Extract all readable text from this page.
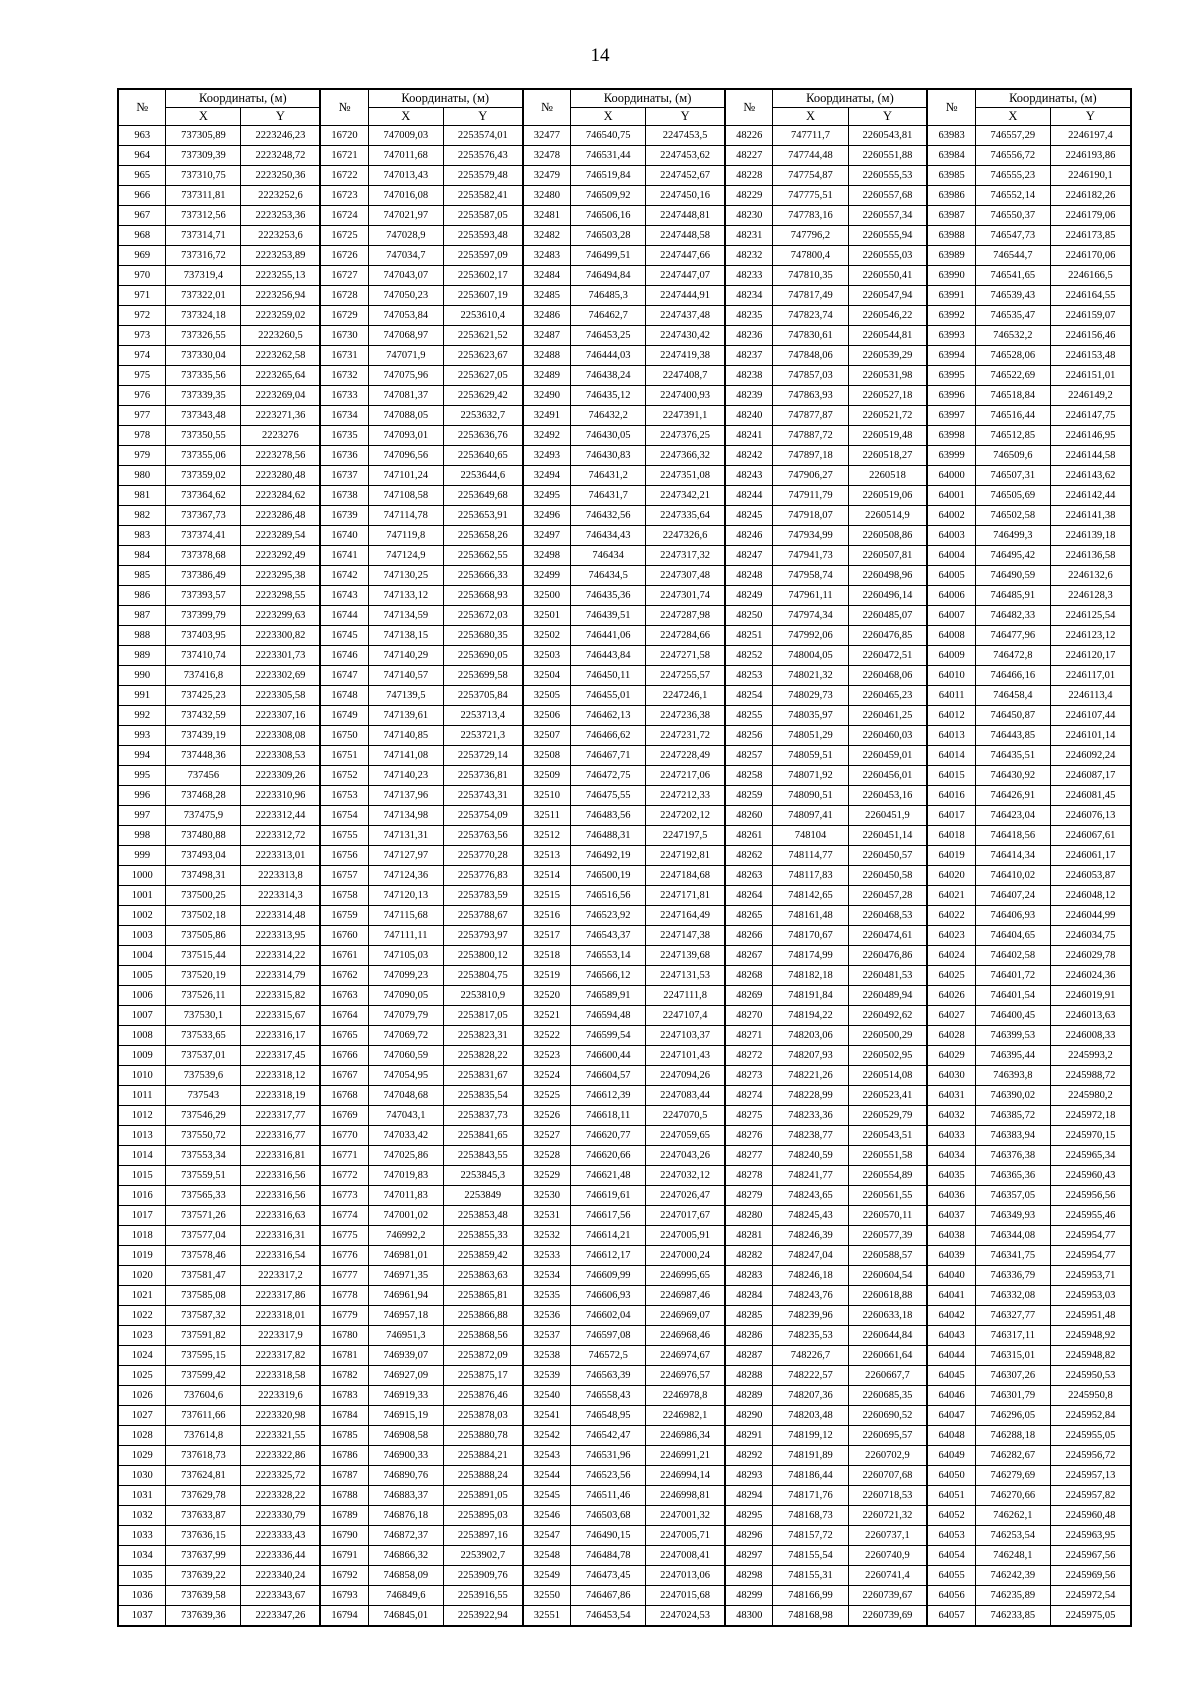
14
№	Координаты, (м)		№	Координаты, (м)		№	Координаты, (м)		№	Координаты, (м)		№	Координаты, (м)	
	X	Y		X	Y		X	Y		X	Y		X	Y
963	737305,89	2223246,23	16720	747009,03	2253574,01	32477	746540,75	2247453,5	48226	747711,7	2260543,81	63983	746557,29	2246197,4
964	737309,39	2223248,72	16721	747011,68	2253576,43	32478	746531,44	2247453,62	48227	747744,48	2260551,88	63984	746556,72	2246193,86
965	737310,75	2223250,36	16722	747013,43	2253579,48	32479	746519,84	2247452,67	48228	747754,87	2260555,53	63985	746555,23	2246190,1
966	737311,81	2223252,6	16723	747016,08	2253582,41	32480	746509,92	2247450,16	48229	747775,51	2260557,68	63986	746552,14	2246182,26
967	737312,56	2223253,36	16724	747021,97	2253587,05	32481	746506,16	2247448,81	48230	747783,16	2260557,34	63987	746550,37	2246179,06
968	737314,71	2223253,6	16725	747028,9	2253593,48	32482	746503,28	2247448,58	48231	747796,2	2260555,94	63988	746547,73	2246173,85
969	737316,72	2223253,89	16726	747034,7	2253597,09	32483	746499,51	2247447,66	48232	747800,4	2260555,03	63989	746544,7	2246170,06
970	737319,4	2223255,13	16727	747043,07	2253602,17	32484	746494,84	2247447,07	48233	747810,35	2260550,41	63990	746541,65	2246166,5
971	737322,01	2223256,94	16728	747050,23	2253607,19	32485	746485,3	2247444,91	48234	747817,49	2260547,94	63991	746539,43	2246164,55
972	737324,18	2223259,02	16729	747053,84	2253610,4	32486	746462,7	2247437,48	48235	747823,74	2260546,22	63992	746535,47	2246159,07
973	737326,55	2223260,5	16730	747068,97	2253621,52	32487	746453,25	2247430,42	48236	747830,61	2260544,81	63993	746532,2	2246156,46
974	737330,04	2223262,58	16731	747071,9	2253623,67	32488	746444,03	2247419,38	48237	747848,06	2260539,29	63994	746528,06	2246153,48
975	737335,56	2223265,64	16732	747075,96	2253627,05	32489	746438,24	2247408,7	48238	747857,03	2260531,98	63995	746522,69	2246151,01
976	737339,35	2223269,04	16733	747081,37	2253629,42	32490	746435,12	2247400,93	48239	747863,93	2260527,18	63996	746518,84	2246149,2
977	737343,48	2223271,36	16734	747088,05	2253632,7	32491	746432,2	2247391,1	48240	747877,87	2260521,72	63997	746516,44	2246147,75
978	737350,55	2223276	16735	747093,01	2253636,76	32492	746430,05	2247376,25	48241	747887,72	2260519,48	63998	746512,85	2246146,95
979	737355,06	2223278,56	16736	747096,56	2253640,65	32493	746430,83	2247366,32	48242	747897,18	2260518,27	63999	746509,6	2246144,58
980	737359,02	2223280,48	16737	747101,24	2253644,6	32494	746431,2	2247351,08	48243	747906,27	2260518	64000	746507,31	2246143,62
981	737364,62	2223284,62	16738	747108,58	2253649,68	32495	746431,7	2247342,21	48244	747911,79	2260519,06	64001	746505,69	2246142,44
982	737367,73	2223286,48	16739	747114,78	2253653,91	32496	746432,56	2247335,64	48245	747918,07	2260514,9	64002	746502,58	2246141,38
983	737374,41	2223289,54	16740	747119,8	2253658,26	32497	746434,43	2247326,6	48246	747934,99	2260508,86	64003	746499,3	2246139,18
984	737378,68	2223292,49	16741	747124,9	2253662,55	32498	746434	2247317,32	48247	747941,73	2260507,81	64004	746495,42	2246136,58
985	737386,49	2223295,38	16742	747130,25	2253666,33	32499	746434,5	2247307,48	48248	747958,74	2260498,96	64005	746490,59	2246132,6
986	737393,57	2223298,55	16743	747133,12	2253668,93	32500	746435,36	2247301,74	48249	747961,11	2260496,14	64006	746485,91	2246128,3
987	737399,79	2223299,63	16744	747134,59	2253672,03	32501	746439,51	2247287,98	48250	747974,34	2260485,07	64007	746482,33	2246125,54
988	737403,95	2223300,82	16745	747138,15	2253680,35	32502	746441,06	2247284,66	48251	747992,06	2260476,85	64008	746477,96	2246123,12
989	737410,74	2223301,73	16746	747140,29	2253690,05	32503	746443,84	2247271,58	48252	748004,05	2260472,51	64009	746472,8	2246120,17
990	737416,8	2223302,69	16747	747140,57	2253699,58	32504	746450,11	2247255,57	48253	748021,32	2260468,06	64010	746466,16	2246117,01
991	737425,23	2223305,58	16748	747139,5	2253705,84	32505	746455,01	2247246,1	48254	748029,73	2260465,23	64011	746458,4	2246113,4
992	737432,59	2223307,16	16749	747139,61	2253713,4	32506	746462,13	2247236,38	48255	748035,97	2260461,25	64012	746450,87	2246107,44
993	737439,19	2223308,08	16750	747140,85	2253721,3	32507	746466,62	2247231,72	48256	748051,29	2260460,03	64013	746443,85	2246101,14
994	737448,36	2223308,53	16751	747141,08	2253729,14	32508	746467,71	2247228,49	48257	748059,51	2260459,01	64014	746435,51	2246092,24
995	737456	2223309,26	16752	747140,23	2253736,81	32509	746472,75	2247217,06	48258	748071,92	2260456,01	64015	746430,92	2246087,17
996	737468,28	2223310,96	16753	747137,96	2253743,31	32510	746475,55	2247212,33	48259	748090,51	2260453,16	64016	746426,91	2246081,45
997	737475,9	2223312,44	16754	747134,98	2253754,09	32511	746483,56	2247202,12	48260	748097,41	2260451,9	64017	746423,04	2246076,13
998	737480,88	2223312,72	16755	747131,31	2253763,56	32512	746488,31	2247197,5	48261	748104	2260451,14	64018	746418,56	2246067,61
999	737493,04	2223313,01	16756	747127,97	2253770,28	32513	746492,19	2247192,81	48262	748114,77	2260450,57	64019	746414,34	2246061,17
1000	737498,31	2223313,8	16757	747124,36	2253776,83	32514	746500,19	2247184,68	48263	748117,83	2260450,58	64020	746410,02	2246053,87
1001	737500,25	2223314,3	16758	747120,13	2253783,59	32515	746516,56	2247171,81	48264	748142,65	2260457,28	64021	746407,24	2246048,12
1002	737502,18	2223314,48	16759	747115,68	2253788,67	32516	746523,92	2247164,49	48265	748161,48	2260468,53	64022	746406,93	2246044,99
1003	737505,86	2223313,95	16760	747111,11	2253793,97	32517	746543,37	2247147,38	48266	748170,67	2260474,61	64023	746404,65	2246034,75
1004	737515,44	2223314,22	16761	747105,03	2253800,12	32518	746553,14	2247139,68	48267	748174,99	2260476,86	64024	746402,58	2246029,78
1005	737520,19	2223314,79	16762	747099,23	2253804,75	32519	746566,12	2247131,53	48268	748182,18	2260481,53	64025	746401,72	2246024,36
1006	737526,11	2223315,82	16763	747090,05	2253810,9	32520	746589,91	2247111,8	48269	748191,84	2260489,94	64026	746401,54	2246019,91
1007	737530,1	2223315,67	16764	747079,79	2253817,05	32521	746594,48	2247107,4	48270	748194,22	2260492,62	64027	746400,45	2246013,63
1008	737533,65	2223316,17	16765	747069,72	2253823,31	32522	746599,54	2247103,37	48271	748203,06	2260500,29	64028	746399,53	2246008,33
1009	737537,01	2223317,45	16766	747060,59	2253828,22	32523	746600,44	2247101,43	48272	748207,93	2260502,95	64029	746395,44	2245993,2
1010	737539,6	2223318,12	16767	747054,95	2253831,67	32524	746604,57	2247094,26	48273	748221,26	2260514,08	64030	746393,8	2245988,72
1011	737543	2223318,19	16768	747048,68	2253835,54	32525	746612,39	2247083,44	48274	748228,99	2260523,41	64031	746390,02	2245980,2
1012	737546,29	2223317,77	16769	747043,1	2253837,73	32526	746618,11	2247070,5	48275	748233,36	2260529,79	64032	746385,72	2245972,18
1013	737550,72	2223316,77	16770	747033,42	2253841,65	32527	746620,77	2247059,65	48276	748238,77	2260543,51	64033	746383,94	2245970,15
1014	737553,34	2223316,81	16771	747025,86	2253843,55	32528	746620,66	2247043,26	48277	748240,59	2260551,58	64034	746376,38	2245965,34
1015	737559,51	2223316,56	16772	747019,83	2253845,3	32529	746621,48	2247032,12	48278	748241,77	2260554,89	64035	746365,36	2245960,43
1016	737565,33	2223316,56	16773	747011,83	2253849	32530	746619,61	2247026,47	48279	748243,65	2260561,55	64036	746357,05	2245956,56
1017	737571,26	2223316,63	16774	747001,02	2253853,48	32531	746617,56	2247017,67	48280	748245,43	2260570,11	64037	746349,93	2245955,46
1018	737577,04	2223316,31	16775	746992,2	2253855,33	32532	746614,21	2247005,91	48281	748246,39	2260577,39	64038	746344,08	2245954,77
1019	737578,46	2223316,54	16776	746981,01	2253859,42	32533	746612,17	2247000,24	48282	748247,04	2260588,57	64039	746341,75	2245954,77
1020	737581,47	2223317,2	16777	746971,35	2253863,63	32534	746609,99	2246995,65	48283	748246,18	2260604,54	64040	746336,79	2245953,71
1021	737585,08	2223317,86	16778	746961,94	2253865,81	32535	746606,93	2246987,46	48284	748243,76	2260618,88	64041	746332,08	2245953,03
1022	737587,32	2223318,01	16779	746957,18	2253866,88	32536	746602,04	2246969,07	48285	748239,96	2260633,18	64042	746327,77	2245951,48
1023	737591,82	2223317,9	16780	746951,3	2253868,56	32537	746597,08	2246968,46	48286	748235,53	2260644,84	64043	746317,11	2245948,92
1024	737595,15	2223317,82	16781	746939,07	2253872,09	32538	746572,5	2246974,67	48287	748226,7	2260661,64	64044	746315,01	2245948,82
1025	737599,42	2223318,58	16782	746927,09	2253875,17	32539	746563,39	2246976,57	48288	748222,57	2260667,7	64045	746307,26	2245950,53
1026	737604,6	2223319,6	16783	746919,33	2253876,46	32540	746558,43	2246978,8	48289	748207,36	2260685,35	64046	746301,79	2245950,8
1027	737611,66	2223320,98	16784	746915,19	2253878,03	32541	746548,95	2246982,1	48290	748203,48	2260690,52	64047	746296,05	2245952,84
1028	737614,8	2223321,55	16785	746908,58	2253880,78	32542	746542,47	2246986,34	48291	748199,12	2260695,57	64048	746288,18	2245955,05
1029	737618,73	2223322,86	16786	746900,33	2253884,21	32543	746531,96	2246991,21	48292	748191,89	2260702,9	64049	746282,67	2245956,72
1030	737624,81	2223325,72	16787	746890,76	2253888,24	32544	746523,56	2246994,14	48293	748186,44	2260707,68	64050	746279,69	2245957,13
1031	737629,78	2223328,22	16788	746883,37	2253891,05	32545	746511,46	2246998,81	48294	748171,76	2260718,53	64051	746270,66	2245957,82
1032	737633,87	2223330,79	16789	746876,18	2253895,03	32546	746503,68	2247001,32	48295	748168,73	2260721,32	64052	746262,1	2245960,48
1033	737636,15	2223333,43	16790	746872,37	2253897,16	32547	746490,15	2247005,71	48296	748157,72	2260737,1	64053	746253,54	2245963,95
1034	737637,99	2223336,44	16791	746866,32	2253902,7	32548	746484,78	2247008,41	48297	748155,54	2260740,9	64054	746248,1	2245967,56
1035	737639,22	2223340,24	16792	746858,09	2253909,76	32549	746473,45	2247013,06	48298	748155,31	2260741,4	64055	746242,39	2245969,56
1036	737639,58	2223343,67	16793	746849,6	2253916,55	32550	746467,86	2247015,68	48299	748166,99	2260739,67	64056	746235,89	2245972,54
1037	737639,36	2223347,26	16794	746845,01	2253922,94	32551	746453,54	2247024,53	48300	748168,98	2260739,69	64057	746233,85	2245975,05
